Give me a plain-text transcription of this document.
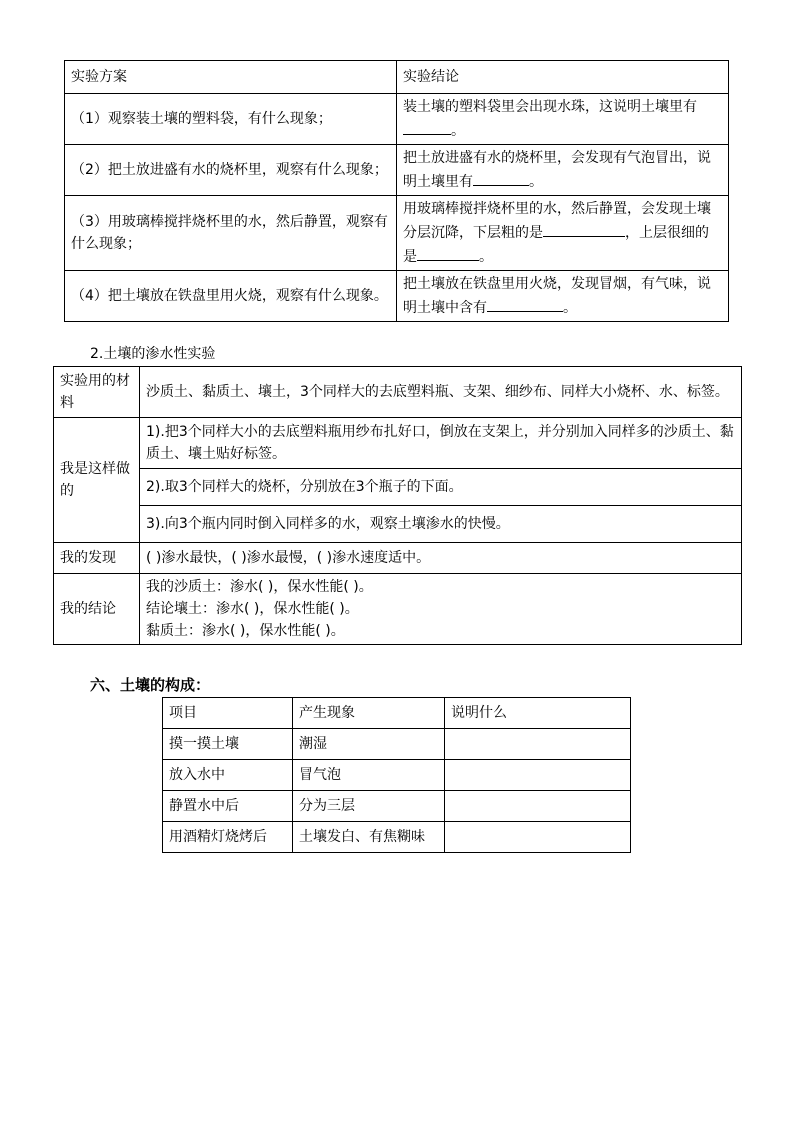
实验方案	实验结论
（1）观察装土壤的塑料袋，有什么现象；	装土壤的塑料袋里会出现水珠，这说明土壤里有。
（2）把土放进盛有水的烧杯里，观察有什么现象；	把土放进盛有水的烧杯里，会发现有气泡冒出，说明土壤里有 。
（3）用玻璃棒搅拌烧杯里的水，然后静置，观察有什么现象；	用玻璃棒搅拌烧杯里的水，然后静置，会发现土壤分层沉降，下层粗的是 ，上层很细的是 。
（4）把土壤放在铁盘里用火烧，观察有什么现象。	把土壤放在铁盘里用火烧，发现冒烟，有气味，说明土壤中含有 。
2.土壤的渗水性实验
实验用的材料	沙质土、黏质土、壤土，3个同样大的去底塑料瓶、支架、细纱布、同样大小烧杯、水、标签。
我是这样做的	1).把3个同样大小的去底塑料瓶用纱布扎好口，倒放在支架上，并分别加入同样多的沙质土、黏质土、壤土贴好标签。
	2).取3个同样大的烧杯，分别放在3个瓶子的下面。
	3).向3个瓶内同时倒入同样多的水，观察土壤渗水的快慢。
我的发现	( )渗水最快，( )渗水最慢，( )渗水速度适中。
我的结论	我的沙质土：渗水( )，保水性能( )。
结论壤土：渗水( )，保水性能( )。
黏质土：渗水( )，保水性能( )。
六、土壤的构成：
项目	产生现象	说明什么
摸一摸土壤	潮湿	
放入水中	冒气泡	
静置水中后	分为三层	
用酒精灯烧烤后	土壤发白、有焦糊味	
